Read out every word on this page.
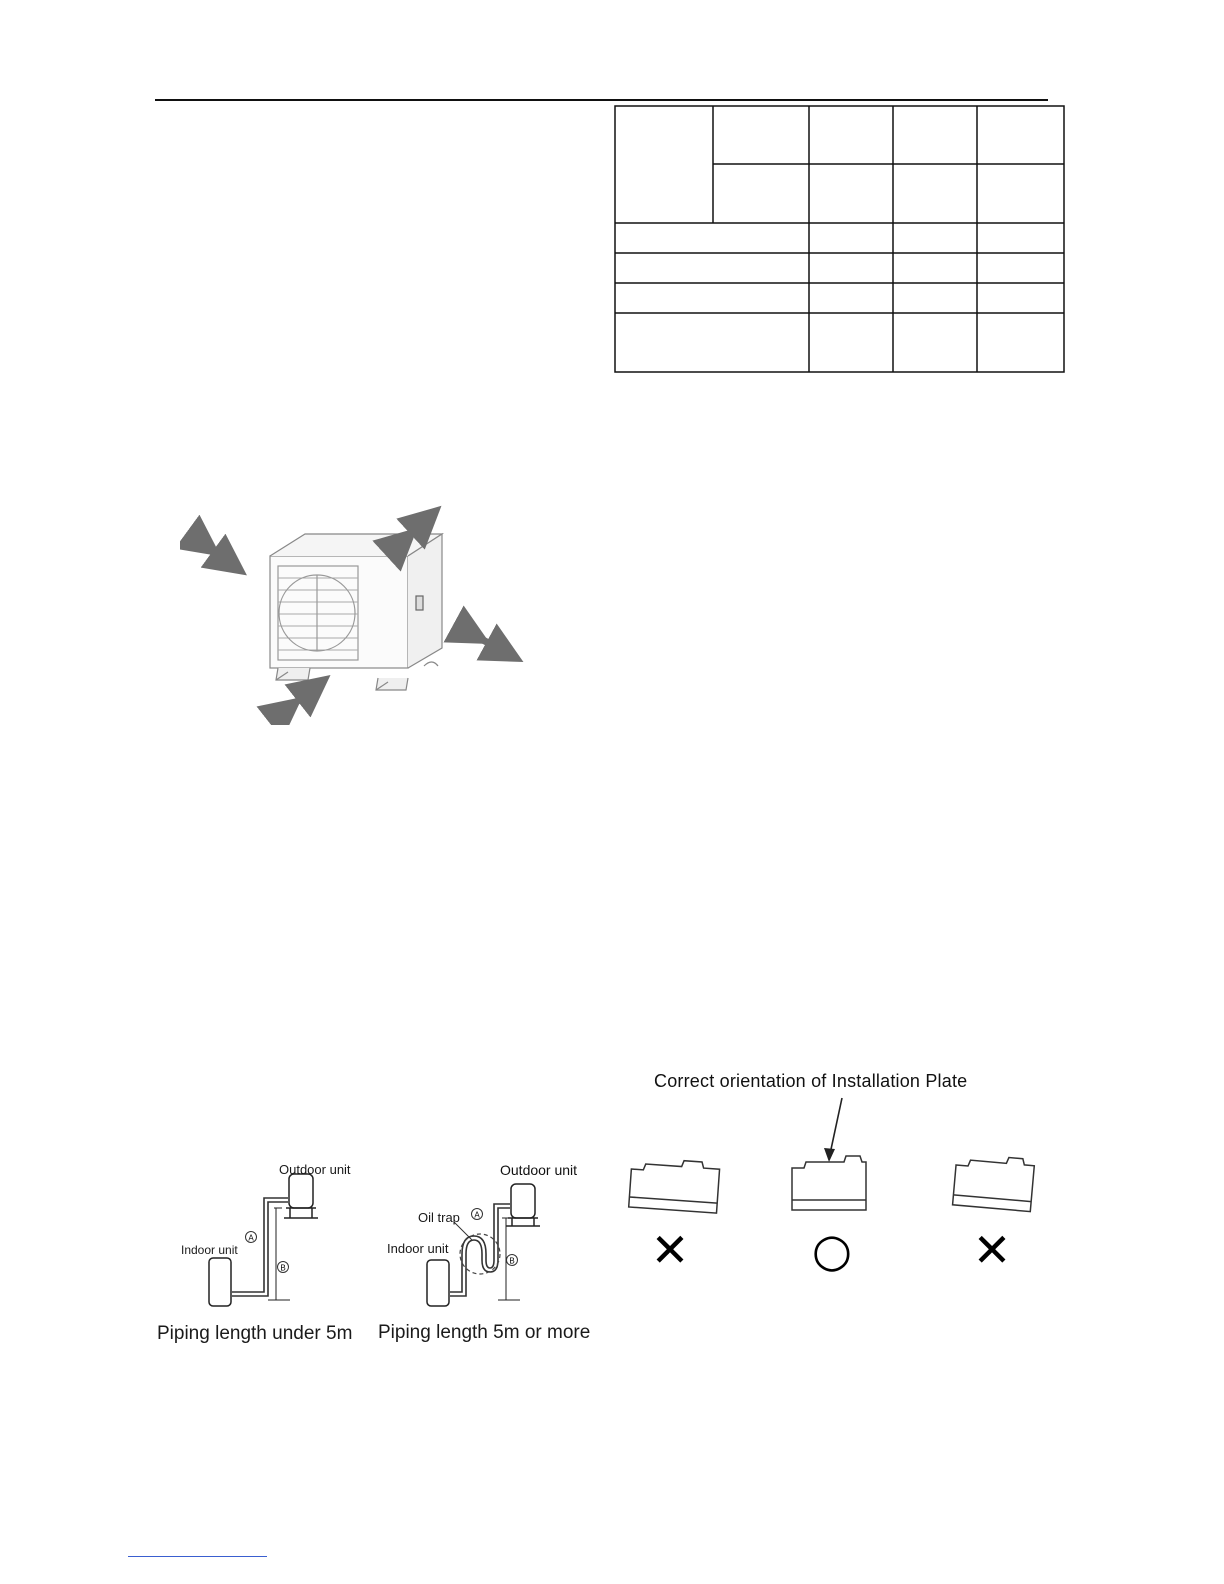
A
B
Outdoor unit
Indoor unit
Piping length under 5m
A
B
Outdoor unit
Oil trap
Indoor unit
Piping length 5m or more
Correct orientation of Installation Plate
✕	○	✕
